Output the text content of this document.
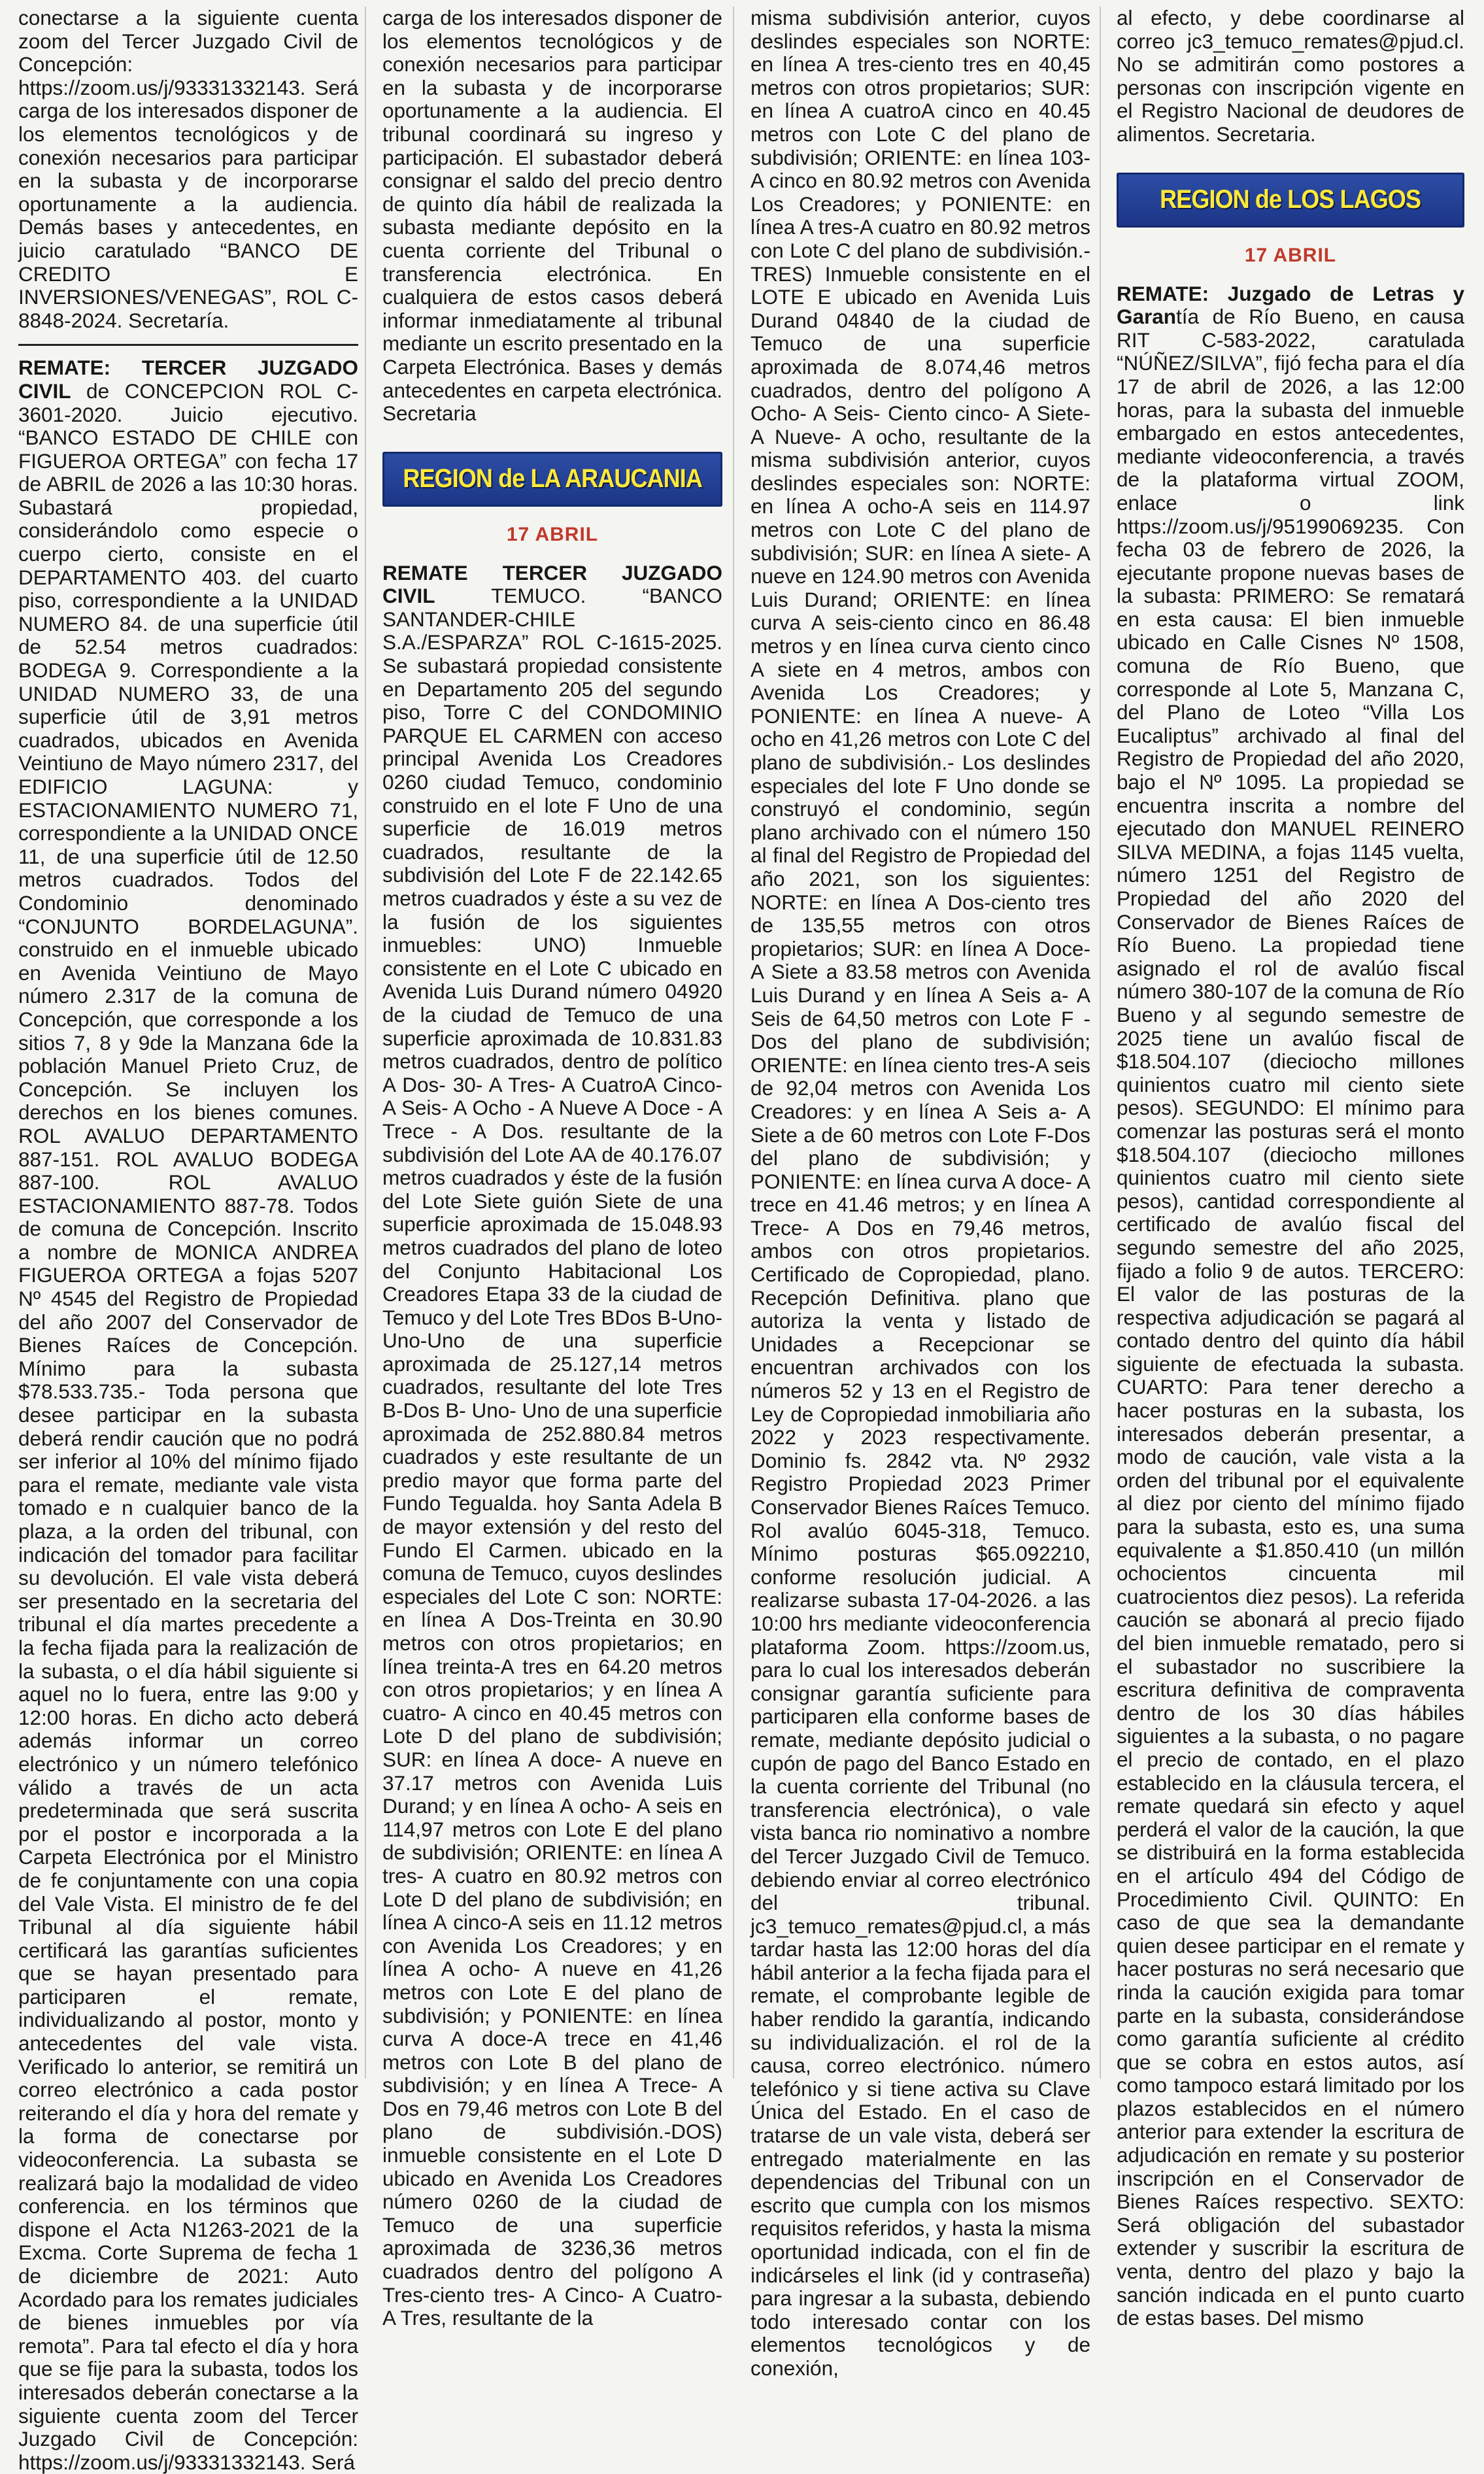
conectarse a la siguiente cuenta zoom del Tercer Juzgado Civil de Concepción: https://zoom.us/j/93331332143. Será carga de los interesados disponer de los elementos tecnológicos y de conexión necesarios para participar en la subasta y de incorporarse oportunamente a la audiencia. Demás bases y antecedentes, en juicio caratulado “BANCO DE CREDITO E INVERSIONES/VENEGAS”, ROL C-8848-2024. Secretaría.

REMATE: TERCER JUZGADO CIVIL de CONCEPCION ROL C-3601-2020. Juicio ejecutivo. “BANCO ESTADO DE CHILE con FIGUEROA ORTEGA” con fecha 17 de ABRIL de 2026 a las 10:30 horas. Subastará propiedad, considerándolo como especie o cuerpo cierto, consiste en el DEPARTAMENTO 403. del cuarto piso, correspondiente a la UNIDAD NUMERO 84. de una superficie útil de 52.54 metros cuadrados: BODEGA 9. Correspondiente a la UNIDAD NUMERO 33, de una superficie útil de 3,91 metros cuadrados, ubicados en Avenida Veintiuno de Mayo número 2317, del EDIFICIO LAGUNA: y ESTACIONAMIENTO NUMERO 71, correspondiente a la UNIDAD ONCE 11, de una superficie útil de 12.50 metros cuadrados. Todos del Condominio denominado “CONJUNTO BORDELAGUNA”. construido en el inmueble ubicado en Avenida Veintiuno de Mayo número 2.317 de la comuna de Concepción, que corresponde a los sitios 7, 8 y 9de la Manzana 6de la población Manuel Prieto Cruz, de Concepción. Se incluyen los derechos en los bienes comunes. ROL AVALUO DEPARTAMENTO 887-151. ROL AVALUO BODEGA 887-100. ROL AVALUO ESTACIONAMIENTO 887-78. Todos de comuna de Concepción. Inscrito a nombre de MONICA ANDREA FIGUEROA ORTEGA a fojas 5207 Nº 4545 del Registro de Propiedad del año 2007 del Conservador de Bienes Raíces de Concepción. Mínimo para la subasta $78.533.735.- Toda persona que desee participar en la subasta deberá rendir caución que no podrá ser inferior al 10% del mínimo fijado para el remate, mediante vale vista tomado e n cualquier banco de la plaza, a la orden del tribunal, con indicación del tomador para facilitar su devolución. El vale vista deberá ser presentado en la secretaria del tribunal el día martes precedente a la fecha fijada para la realización de la subasta, o el día hábil siguiente si aquel no lo fuera, entre las 9:00 y 12:00 horas. En dicho acto deberá además informar un correo electrónico y un número telefónico válido a través de un acta predeterminada que será suscrita por el postor e incorporada a la Carpeta Electrónica por el Ministro de fe conjuntamente con una copia del Vale Vista. El ministro de fe del Tribunal al día siguiente hábil certificará las garantías suficientes que se hayan presentado para participaren el remate, individualizando al postor, monto y antecedentes del vale vista. Verificado lo anterior, se remitirá un correo electrónico a cada postor reiterando el día y hora del remate y la forma de conectarse por videoconferencia. La subasta se realizará bajo la modalidad de video conferencia. en los términos que dispone el Acta N1263-2021 de la Excma. Corte Suprema de fecha 1 de diciembre de 2021: Auto Acordado para los remates judiciales de bienes inmuebles por vía remota”. Para tal efecto el día y hora que se fije para la subasta, todos los interesados deberán conectarse a la siguiente cuenta zoom del Tercer Juzgado Civil de Concepción: https://zoom.us/j/93331332143. Será

carga de los interesados disponer de los elementos tecnológicos y de conexión necesarios para participar en la subasta y de incorporarse oportunamente a la audiencia. El tribunal coordinará su ingreso y participación. El subastador deberá consignar el saldo del precio dentro de quinto día hábil de realizada la subasta mediante depósito en la cuenta corriente del Tribunal o transferencia electrónica. En cualquiera de estos casos deberá informar inmediatamente al tribunal mediante un escrito presentado en la Carpeta Electrónica. Bases y demás antecedentes en carpeta electrónica. Secretaria

REGION de LA ARAUCANIA
17 ABRIL

REMATE TERCER JUZGADO CIVIL	TEMUCO. “BANCO SANTANDER-CHILE S.A./ESPARZA” ROL C-1615-2025. Se subastará propiedad consistente en Departamento 205 del segundo piso, Torre C del CONDOMINIO PARQUE EL CARMEN con acceso principal Avenida Los Creadores 0260 ciudad Temuco, condominio construido en el lote F Uno de una superficie de 16.019 metros cuadrados, resultante de la subdivisión del Lote F de 22.142.65 metros cuadrados y éste a su vez de la fusión de los siguientes inmuebles: UNO) Inmueble consistente en el Lote C ubicado en Avenida Luis Durand número 04920 de la ciudad de Temuco de una superficie aproximada de 10.831.83 metros cuadrados, dentro de político A Dos- 30- A Tres- A CuatroA Cinco- A Seis- A Ocho - A Nueve A Doce - A Trece - A Dos. resultante de la subdivisión del Lote AA de 40.176.07 metros cuadrados y éste de la fusión del Lote Siete guión Siete de una superficie aproximada de 15.048.93 metros cuadrados del plano de loteo del Conjunto Habitacional Los Creadores Etapa 33 de la ciudad de Temuco y del Lote Tres BDos B-Uno-Uno-Uno de una superficie aproximada de 25.127,14 metros cuadrados, resultante del lote Tres B-Dos B- Uno- Uno de una superficie aproximada de 252.880.84 metros cuadrados y este resultante de un predio mayor que forma parte del Fundo Tegualda. hoy Santa Adela B de mayor extensión y del resto del Fundo El Carmen. ubicado en la comuna de Temuco, cuyos deslindes especiales del Lote C son: NORTE: en línea A Dos-Treinta en 30.90 metros con otros propietarios; en línea treinta-A tres en 64.20 metros con otros propietarios; y en línea A cuatro- A cinco en 40.45 metros con Lote D del plano de subdivisión; SUR: en línea A doce- A nueve en 37.17 metros con Avenida Luis Durand; y en línea A ocho- A seis en 114,97 metros con Lote E del plano de subdivisión; ORIENTE: en línea A tres- A cuatro en 80.92 metros con Lote D del plano de subdivisión; en línea A cinco-A seis en 11.12 metros con Avenida Los Creadores; y en línea A ocho- A nueve en 41,26 metros con Lote E del plano de subdivisión; y PONIENTE: en línea curva A doce-A trece en 41,46 metros con Lote B del plano de subdivisión; y en línea A Trece- A Dos en 79,46 metros con Lote B del plano de subdivisión.-DOS) inmueble consistente en el Lote D ubicado en Avenida Los Creadores número 0260 de la ciudad de Temuco de una superficie aproximada de 3236,36 metros cuadrados dentro del polígono A Tres-ciento tres- A Cinco- A Cuatro- A Tres, resultante de la

misma subdivisión anterior, cuyos deslindes especiales son NORTE: en línea A tres-ciento tres en 40,45 metros con otros propietarios; SUR: en línea A cuatroA cinco en 40.45 metros con Lote C del plano de subdivisión; ORIENTE: en línea 103-A cinco en 80.92 metros con Avenida Los Creadores; y PONIENTE: en línea A tres-A cuatro en 80.92 metros con Lote C del plano de subdivisión.- TRES) Inmueble consistente en el LOTE E ubicado en Avenida Luis Durand 04840 de la ciudad de Temuco de una superficie aproximada de 8.074,46 metros cuadrados, dentro del polígono A Ocho- A Seis- Ciento cinco- A Siete- A Nueve- A ocho, resultante de la misma subdivisión anterior, cuyos deslindes especiales son: NORTE: en línea A ocho-A seis en 114.97 metros con Lote C del plano de subdivisión; SUR: en línea A siete- A nueve en 124.90 metros con Avenida Luis Durand; ORIENTE: en línea curva A seis-ciento cinco en 86.48 metros y en línea curva ciento cinco A siete en 4 metros, ambos con Avenida Los Creadores; y PONIENTE: en línea A nueve- A ocho en 41,26 metros con Lote C del plano de subdivisión.- Los deslindes especiales del lote F Uno donde se construyó el condominio, según plano archivado con el número 150 al final del Registro de Propiedad del año 2021, son los siguientes: NORTE: en línea A Dos-ciento tres de 135,55 metros con otros propietarios; SUR: en línea A Doce- A Siete a 83.58 metros con Avenida Luis Durand y en línea A Seis a- A Seis de 64,50 metros con Lote F - Dos del plano de subdivisión; ORIENTE: en línea ciento tres-A seis de 92,04 metros con Avenida Los Creadores: y en línea A Seis a- A Siete a de 60 metros con Lote F-Dos del plano de subdivisión; y PONIENTE: en línea curva A doce- A trece en 41.46 metros; y en línea A Trece- A Dos en 79,46 metros, ambos con otros propietarios. Certificado de Copropiedad, plano. Recepción Definitiva. plano que autoriza la venta y listado de Unidades a Recepcionar se encuentran archivados con los números 52 y 13 en el Registro de Ley de Copropiedad inmobiliaria año 2022 y 2023 respectivamente. Dominio fs. 2842 vta. Nº 2932 Registro Propiedad 2023 Primer Conservador Bienes Raíces Temuco. Rol avalúo 6045-318, Temuco. Mínimo posturas $65.092210, conforme resolución judicial. A realizarse subasta 17-04-2026. a las 10:00 hrs mediante videoconferencia plataforma Zoom. https://zoom.us, para lo cual los interesados deberán consignar garantía suficiente para participaren ella conforme bases de remate, mediante depósito judicial o cupón de pago del Banco Estado en la cuenta corriente del Tribunal (no transferencia electrónica), o vale vista banca rio nominativo a nombre del Tercer Juzgado Civil de Temuco. debiendo enviar al correo electrónico del tribunal. jc3_temuco_remates@pjud.cl, a más tardar hasta las 12:00 horas del día hábil anterior a la fecha fijada para el remate, el comprobante legible de haber rendido la garantía, indicando su individualización. el rol de la causa, correo electrónico. número telefónico y si tiene activa su Clave Única del Estado. En el caso de tratarse de un vale vista, deberá ser entregado materialmente en las dependencias del Tribunal con un escrito que cumpla con los mismos requisitos referidos, y hasta la misma oportunidad indicada, con el fin de indicárseles el link (id y contraseña) para ingresar a la subasta, debiendo todo interesado contar con los elementos tecnológicos y de conexión,

al efecto, y debe coordinarse al correo jc3_temuco_remates@pjud.cl. No se admitirán como postores a personas con inscripción vigente en el Registro Nacional de deudores de alimentos. Secretaria.

REGION de LOS LAGOS
17 ABRIL

REMATE: Juzgado de Letras y Garantía de Río Bueno, en causa RIT C-583-2022, caratulada “NÚÑEZ/SILVA”, fijó fecha para el día 17 de abril de 2026, a las 12:00 horas, para la subasta del inmueble embargado en estos antecedentes, mediante videoconferencia, a través de la plataforma virtual ZOOM, enlace o link https://zoom.us/j/95199069235. Con fecha 03 de febrero de 2026, la ejecutante propone nuevas bases de la subasta: PRIMERO: Se rematará en esta causa: El bien inmueble ubicado en Calle Cisnes Nº 1508, comuna de Río Bueno, que corresponde al Lote 5, Manzana C, del Plano de Loteo “Villa Los Eucaliptus” archivado al final del Registro de Propiedad del año 2020, bajo el Nº 1095. La propiedad se encuentra inscrita a nombre del ejecutado don MANUEL REINERO SILVA MEDINA, a fojas 1145 vuelta, número 1251 del Registro de Propiedad del año 2020 del Conservador de Bienes Raíces de Río Bueno. La propiedad tiene asignado el rol de avalúo fiscal número 380-107 de la comuna de Río Bueno y al segundo semestre de 2025 tiene un avalúo fiscal de $18.504.107 (dieciocho millones quinientos cuatro mil ciento siete pesos). SEGUNDO: El mínimo para comenzar las posturas será el monto $18.504.107 (dieciocho millones quinientos cuatro mil ciento siete pesos), cantidad correspondiente al certificado de avalúo fiscal del segundo semestre del año 2025, fijado a folio 9 de autos. TERCERO: El valor de las posturas de la respectiva adjudicación se pagará al contado dentro del quinto día hábil siguiente de efectuada la subasta. CUARTO: Para tener derecho a hacer posturas en la subasta, los interesados deberán presentar, a modo de caución, vale vista a la orden del tribunal por el equivalente al diez por ciento del mínimo fijado para la subasta, esto es, una suma equivalente a $1.850.410 (un millón ochocientos cincuenta mil cuatrocientos diez pesos). La referida caución se abonará al precio fijado del bien inmueble rematado, pero si el subastador no suscribiere la escritura definitiva de compraventa dentro de los 30 días hábiles siguientes a la subasta, o no pagare el precio de contado, en el plazo establecido en la cláusula tercera, el remate quedará sin efecto y aquel perderá el valor de la caución, la que se distribuirá en la forma establecida en el artículo 494 del Código de Procedimiento Civil. QUINTO: En caso de que sea la demandante quien desee participar en el remate y hacer posturas no será necesario que rinda la caución exigida para tomar parte en la subasta, considerándose como garantía suficiente al crédito que se cobra en estos autos, así como tampoco estará limitado por los plazos establecidos en el número anterior para extender la escritura de adjudicación en remate y su posterior inscripción en el Conservador de Bienes Raíces respectivo. SEXTO: Será obligación del subastador extender y suscribir la escritura de venta, dentro del plazo y bajo la sanción indicada en el punto cuarto de estas bases. Del mismo
